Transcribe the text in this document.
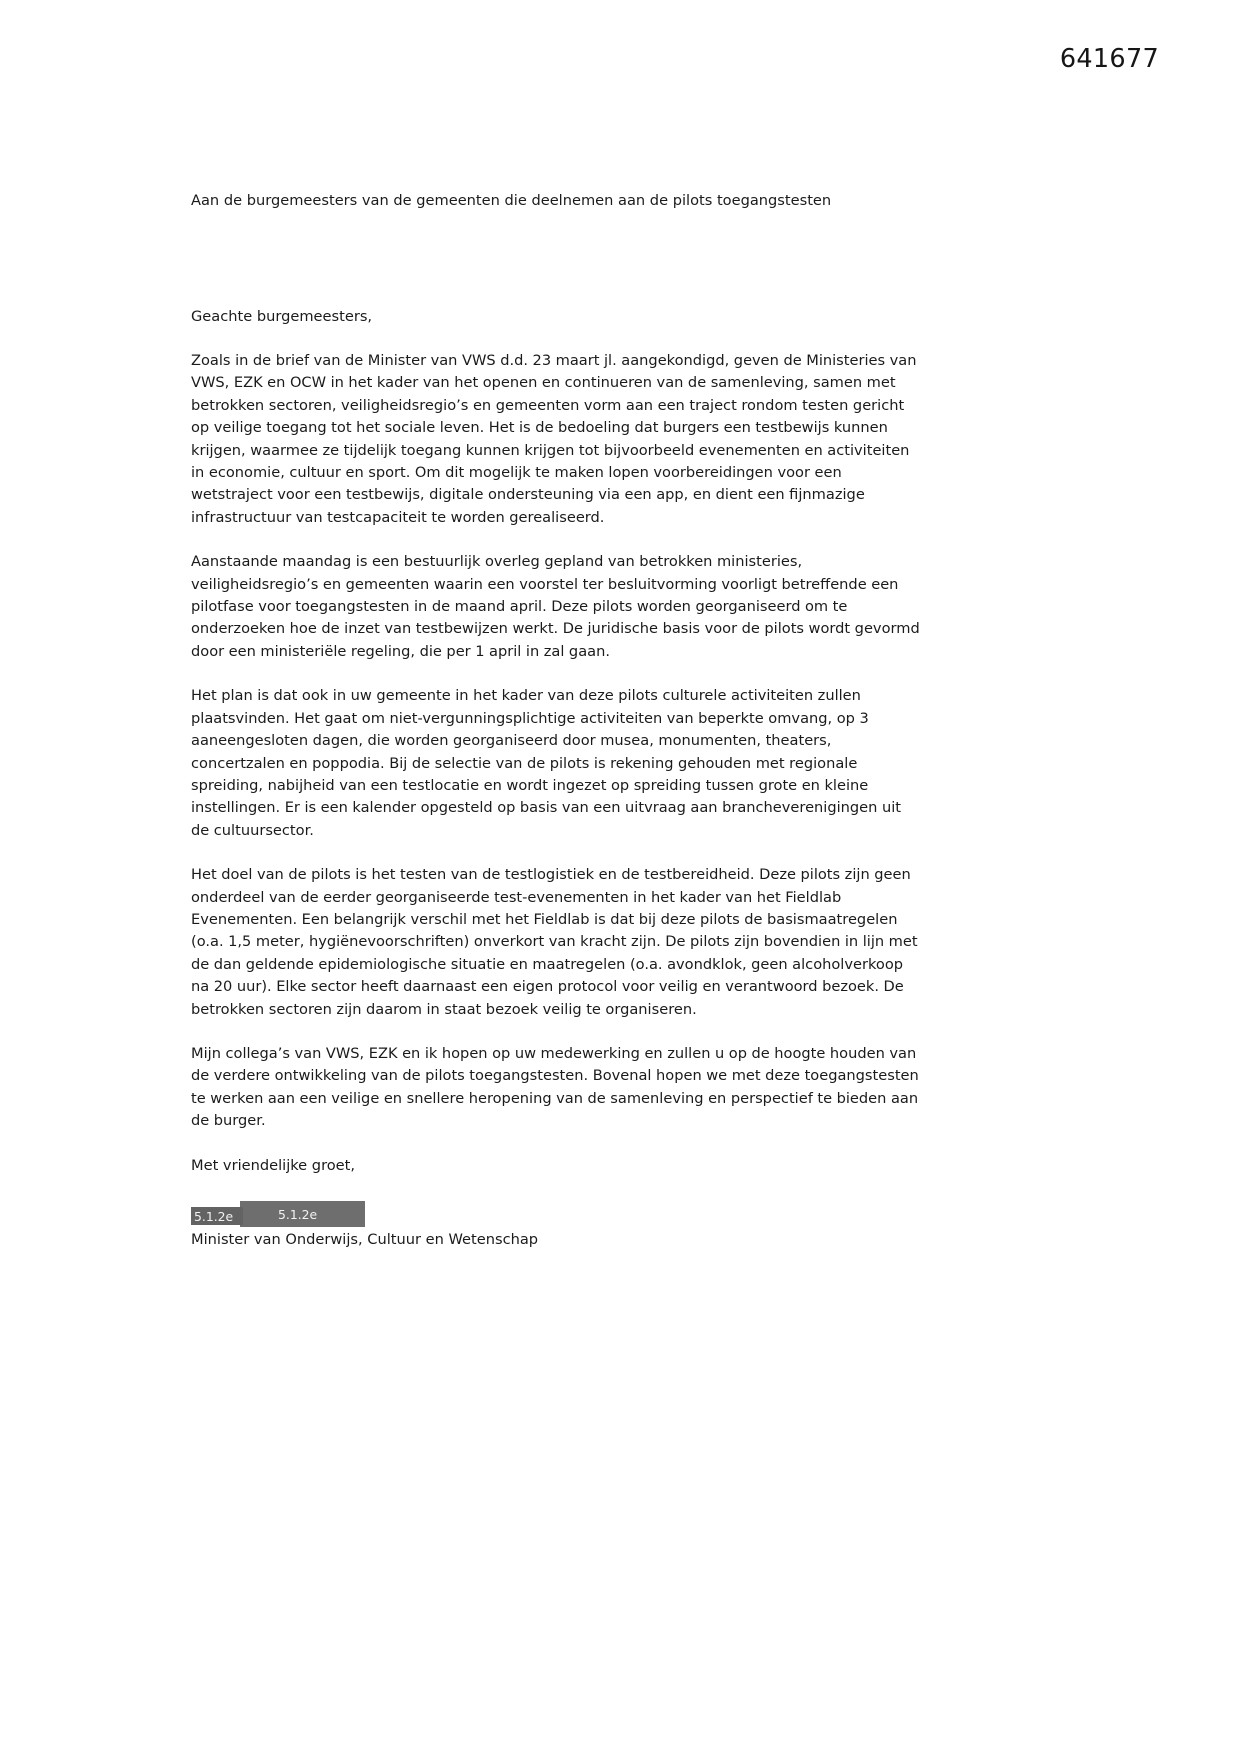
641677
Aan de burgemeesters van de gemeenten die deelnemen aan de pilots toegangstesten
Geachte burgemeesters,

Zoals in de brief van de Minister van VWS d.d. 23 maart jl. aangekondigd, geven de Ministeries van VWS, EZK en OCW in het kader van het openen en continueren van de samenleving, samen met betrokken sectoren, veiligheidsregio’s en gemeenten vorm aan een traject rondom testen gericht op veilige toegang tot het sociale leven. Het is de bedoeling dat burgers een testbewijs kunnen krijgen, waarmee ze tijdelijk toegang kunnen krijgen tot bijvoorbeeld evenementen en activiteiten in economie, cultuur en sport. Om dit mogelijk te maken lopen voorbereidingen voor een wetstraject voor een testbewijs, digitale ondersteuning via een app, en dient een fijnmazige infrastructuur van testcapaciteit te worden gerealiseerd.

Aanstaande maandag is een bestuurlijk overleg gepland van betrokken ministeries, veiligheidsregio’s en gemeenten waarin een voorstel ter besluitvorming voorligt betreffende een pilotfase voor toegangstesten in de maand april. Deze pilots worden georganiseerd om te onderzoeken hoe de inzet van testbewijzen werkt. De juridische basis voor de pilots wordt gevormd door een ministeriële regeling, die per 1 april in zal gaan.

Het plan is dat ook in uw gemeente in het kader van deze pilots culturele activiteiten zullen plaatsvinden. Het gaat om niet-vergunningsplichtige activiteiten van beperkte omvang, op 3 aaneengesloten dagen, die worden georganiseerd door musea, monumenten, theaters, concertzalen en poppodia. Bij de selectie van de pilots is rekening gehouden met regionale spreiding, nabijheid van een testlocatie en wordt ingezet op spreiding tussen grote en kleine instellingen. Er is een kalender opgesteld op basis van een uitvraag aan brancheverenigingen uit de cultuursector.

Het doel van de pilots is het testen van de testlogistiek en de testbereidheid. Deze pilots zijn geen onderdeel van de eerder georganiseerde test-evenementen in het kader van het Fieldlab Evenementen. Een belangrijk verschil met het Fieldlab is dat bij deze pilots de basismaatregelen (o.a. 1,5 meter, hygiënevoorschriften) onverkort van kracht zijn. De pilots zijn bovendien in lijn met de dan geldende epidemiologische situatie en maatregelen (o.a. avondklok, geen alcoholverkoop na 20 uur). Elke sector heeft daarnaast een eigen protocol voor veilig en verantwoord bezoek. De betrokken sectoren zijn daarom in staat bezoek veilig te organiseren.

Mijn collega’s van VWS, EZK en ik hopen op uw medewerking en zullen u op de hoogte houden van de verdere ontwikkeling van de pilots toegangstesten. Bovenal hopen we met deze toegangstesten te werken aan een veilige en snellere heropening van de samenleving en perspectief te bieden aan de burger.

Met vriendelijke groet,
5.1.2e
5.1.2e
Minister van Onderwijs, Cultuur en Wetenschap
